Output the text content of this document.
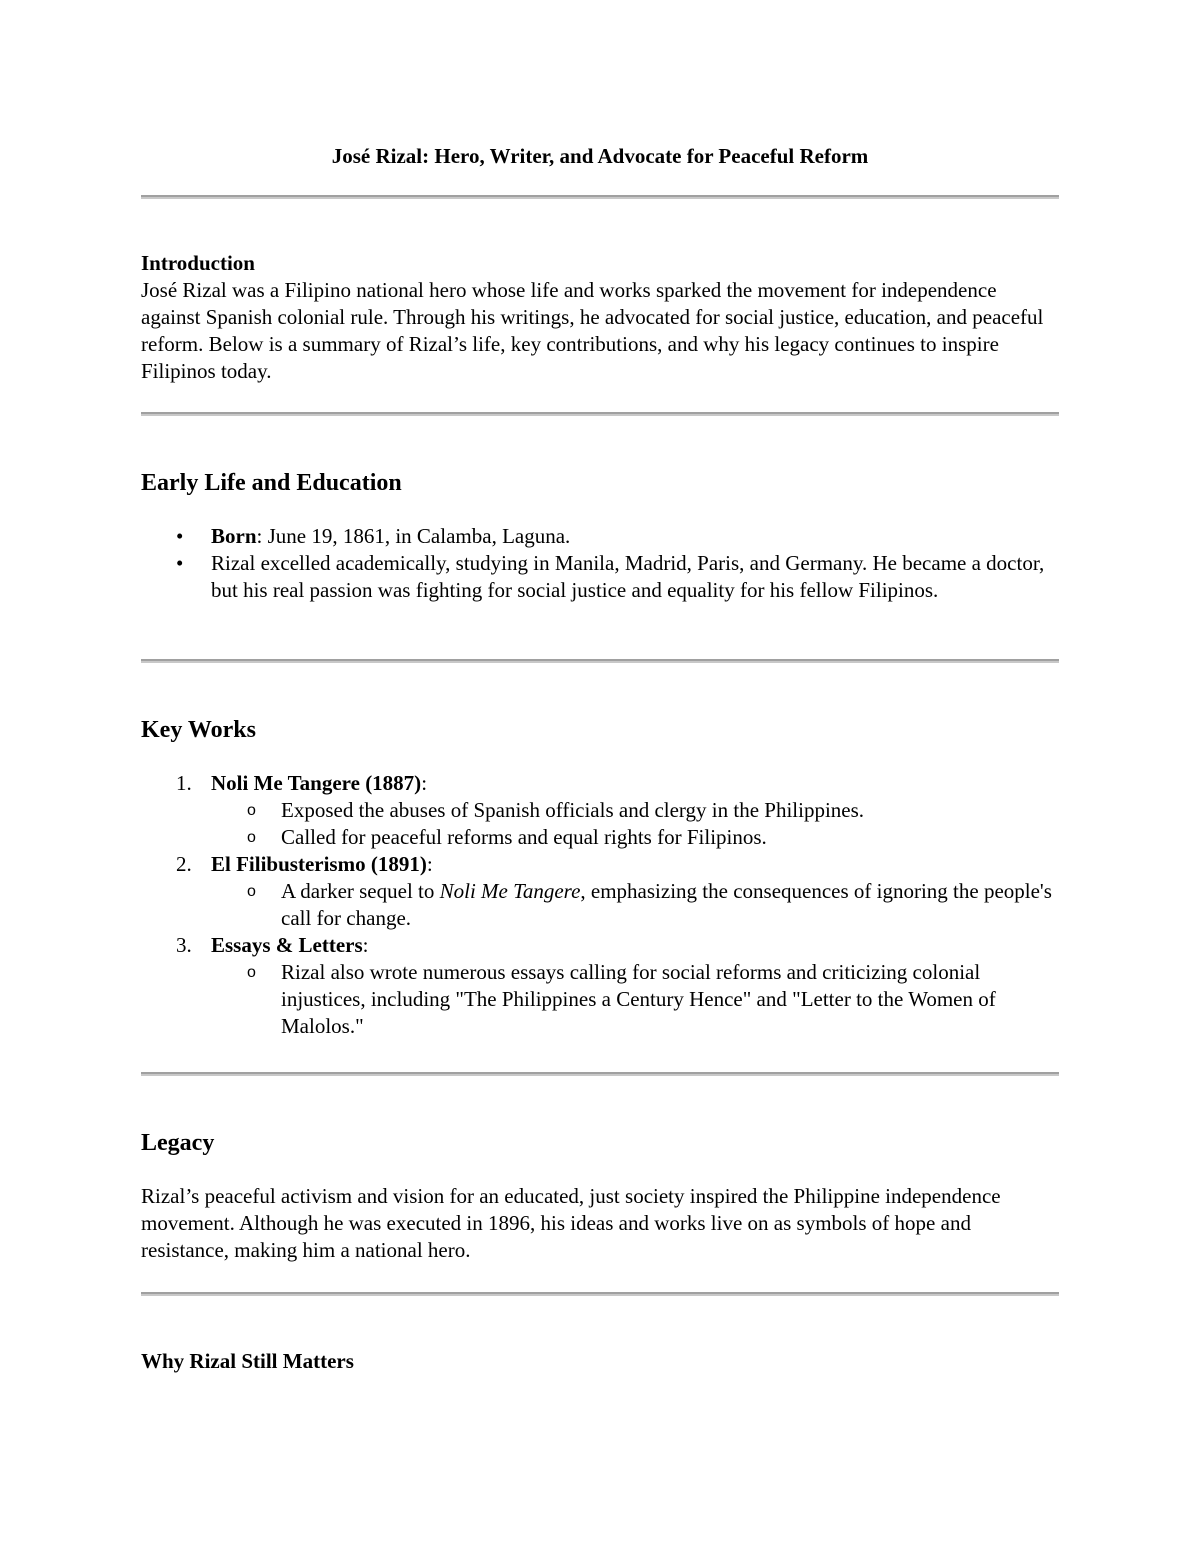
José Rizal: Hero, Writer, and Advocate for Peaceful Reform
Introduction

José Rizal was a Filipino national hero whose life and works sparked the movement for independence against Spanish colonial rule. Through his writings, he advocated for social justice, education, and peaceful reform. Below is a summary of Rizal’s life, key contributions, and why his legacy continues to inspire Filipinos today.

Early Life and Education
• Born: June 19, 1861, in Calamba, Laguna.
• Rizal excelled academically, studying in Manila, Madrid, Paris, and Germany. He became a doctor, but his real passion was fighting for social justice and equality for his fellow Filipinos.
Key Works
1. Noli Me Tangere (1887):
o Exposed the abuses of Spanish officials and clergy in the Philippines.
o Called for peaceful reforms and equal rights for Filipinos.
2. El Filibusterismo (1891):
o A darker sequel to Noli Me Tangere, emphasizing the consequences of ignoring the people's call for change.
3. Essays & Letters:
o Rizal also wrote numerous essays calling for social reforms and criticizing colonial injustices, including "The Philippines a Century Hence" and "Letter to the Women of Malolos."
Legacy

Rizal’s peaceful activism and vision for an educated, just society inspired the Philippine independence movement. Although he was executed in 1896, his ideas and works live on as symbols of hope and resistance, making him a national hero.

Why Rizal Still Matters
